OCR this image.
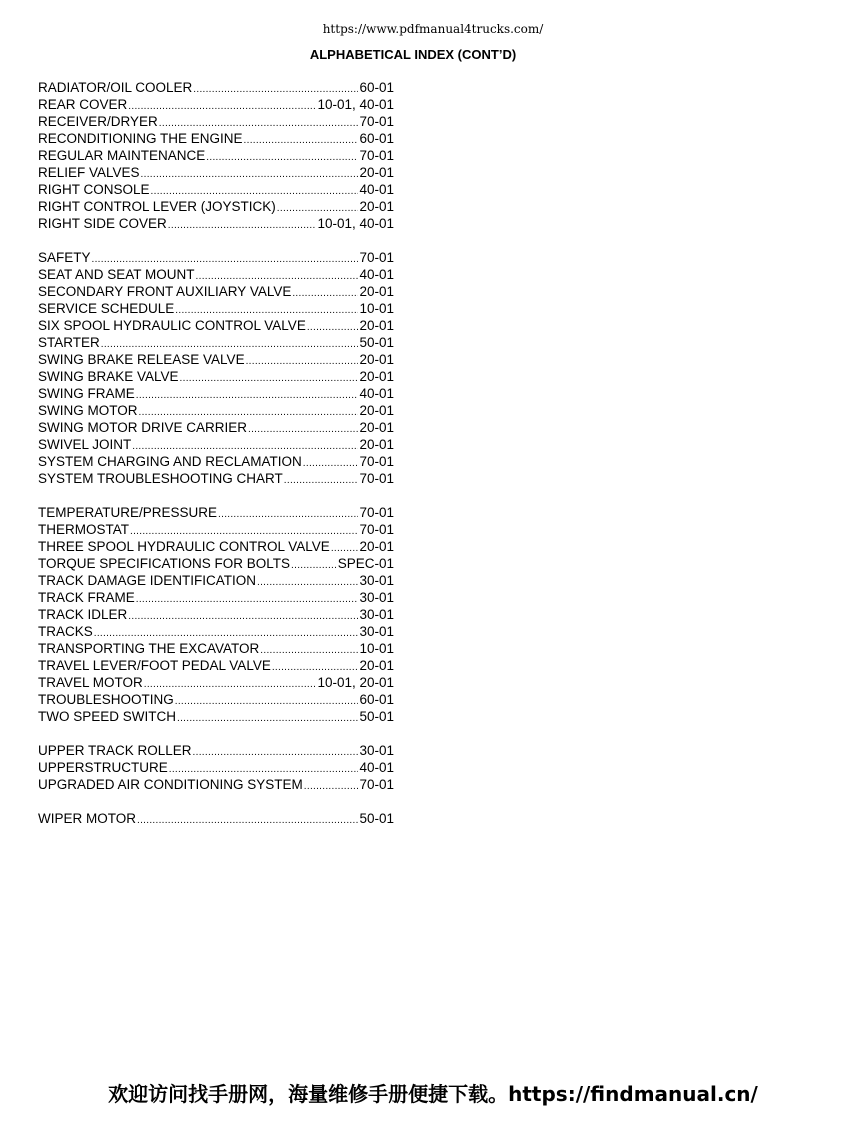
https://www.pdfmanual4trucks.com/
ALPHABETICAL INDEX (CONT’D)
RADIATOR/OIL COOLER .....	60-01
REAR COVER .....	10-01, 40-01
RECEIVER/DRYER .....	70-01
RECONDITIONING THE ENGINE .....	60-01
REGULAR MAINTENANCE .....	70-01
RELIEF VALVES .....	20-01
RIGHT CONSOLE .....	40-01
RIGHT CONTROL LEVER (JOYSTICK) .....	20-01
RIGHT SIDE COVER .....	10-01, 40-01
SAFETY .....	70-01
SEAT AND SEAT MOUNT .....	40-01
SECONDARY FRONT AUXILIARY VALVE .....	20-01
SERVICE SCHEDULE .....	10-01
SIX SPOOL HYDRAULIC CONTROL VALVE .....	20-01
STARTER .....	50-01
SWING BRAKE RELEASE VALVE .....	20-01
SWING BRAKE VALVE .....	20-01
SWING FRAME .....	40-01
SWING MOTOR .....	20-01
SWING MOTOR DRIVE CARRIER .....	20-01
SWIVEL JOINT .....	20-01
SYSTEM CHARGING AND RECLAMATION .....	70-01
SYSTEM TROUBLESHOOTING CHART .....	70-01
TEMPERATURE/PRESSURE .....	70-01
THERMOSTAT .....	70-01
THREE SPOOL HYDRAULIC CONTROL VALVE ..... 20-01
TORQUE SPECIFICATIONS FOR BOLTS .....	SPEC-01
TRACK DAMAGE IDENTIFICATION .....	30-01
TRACK FRAME .....	30-01
TRACK IDLER .....	30-01
TRACKS .....	30-01
TRANSPORTING THE EXCAVATOR .....	10-01
TRAVEL LEVER/FOOT PEDAL VALVE .....	20-01
TRAVEL MOTOR .....	10-01, 20-01
TROUBLESHOOTING .....	60-01
TWO SPEED SWITCH .....	50-01
UPPER TRACK ROLLER .....	30-01
UPPERSTRUCTURE .....	40-01
UPGRADED AIR CONDITIONING SYSTEM .....	70-01
WIPER MOTOR .....	50-01
欢迎访问找手册网，海量维修手册便捷下载。https://findmanual.cn/
